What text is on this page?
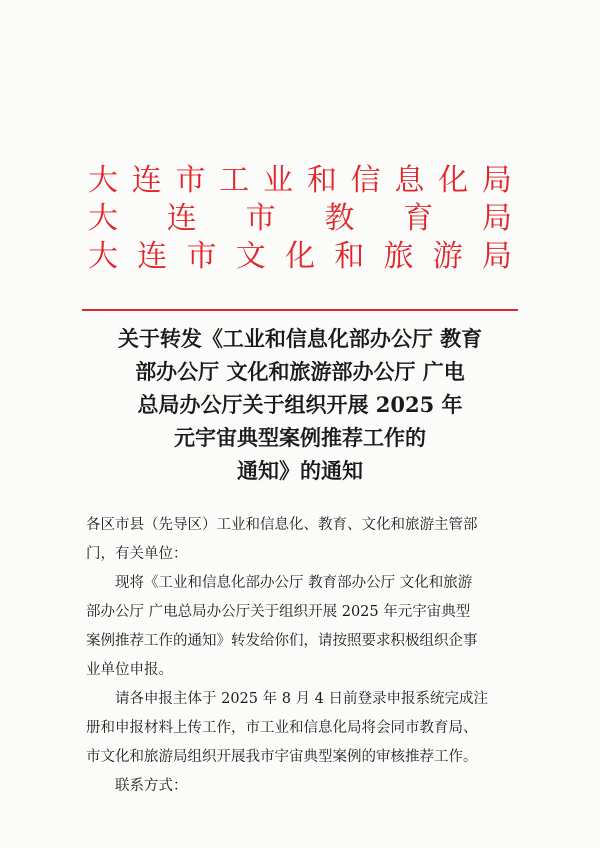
大 连 市 工 业 和 信 息 化 局
大 连 市 教 育 局
大 连 市 文 化 和 旅 游 局
关于转发《工业和信息化部办公厅 教育
部办公厅 文化和旅游部办公厅 广电
总局办公厅关于组织开展 2025 年
元宇宙典型案例推荐工作的
通知》的通知

各区市县（先导区）工业和信息化、教育、文化和旅游主管部

门，有关单位：

现将《工业和信息化部办公厅 教育部办公厅 文化和旅游

部办公厅 广电总局办公厅关于组织开展 2025 年元宇宙典型

案例推荐工作的通知》转发给你们，请按照要求积极组织企事

业单位申报。

请各申报主体于 2025 年 8 月 4 日前登录申报系统完成注

册和申报材料上传工作，市工业和信息化局将会同市教育局、

市文化和旅游局组织开展我市宇宙典型案例的审核推荐工作。

联系方式：
